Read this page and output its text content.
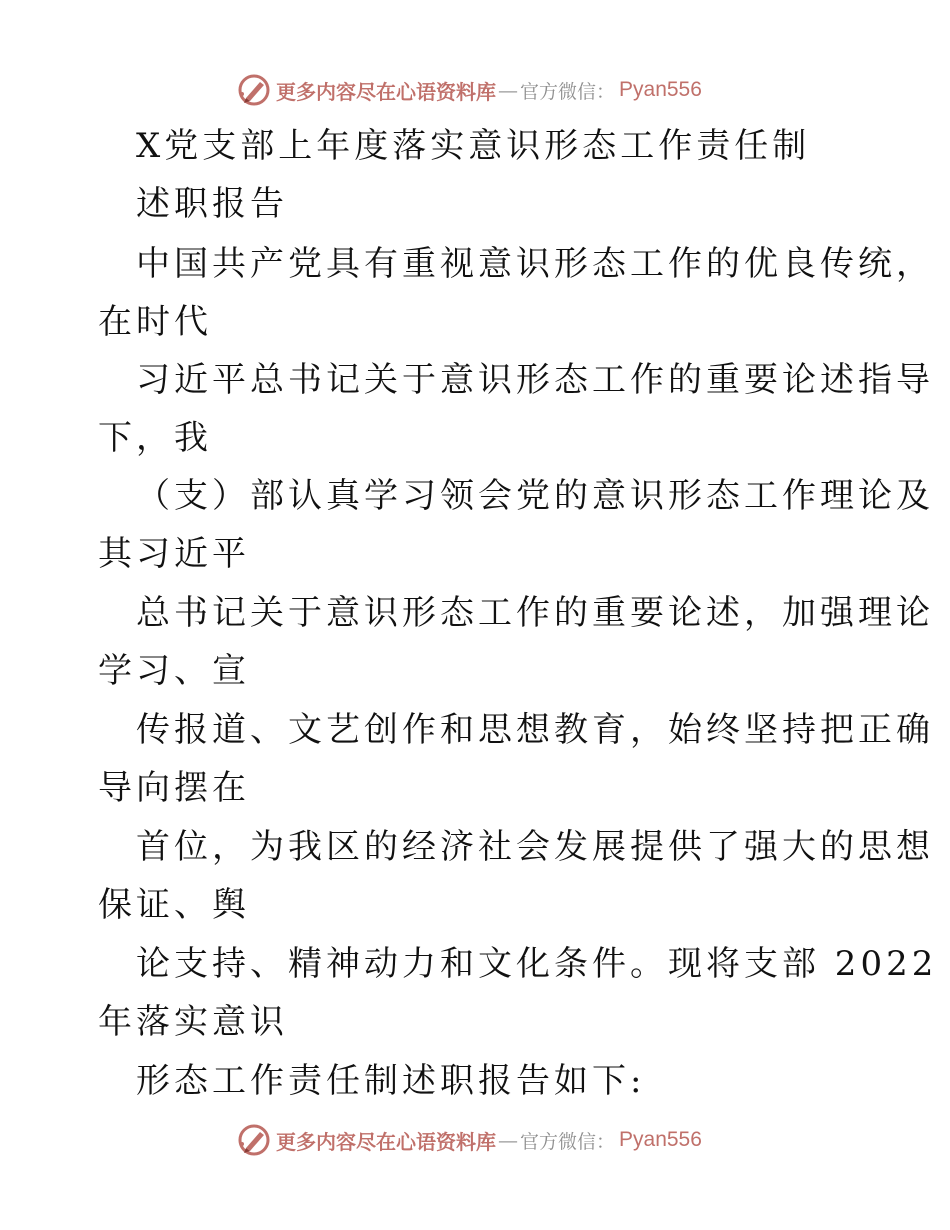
更多内容尽在心语资料库 — 官方微信： Pyan556
X党支部上年度落实意识形态工作责任制
述职报告
中国共产党具有重视意识形态工作的优良传统，
在时代
习近平总书记关于意识形态工作的重要论述指导
下，我
（支）部认真学习领会党的意识形态工作理论及
其习近平
总书记关于意识形态工作的重要论述，加强理论
学习、宣
传报道、文艺创作和思想教育，始终坚持把正确
导向摆在
首位，为我区的经济社会发展提供了强大的思想
保证、舆
论支持、精神动力和文化条件。现将支部 2022
年落实意识
形态工作责任制述职报告如下:
更多内容尽在心语资料库 — 官方微信： Pyan556
